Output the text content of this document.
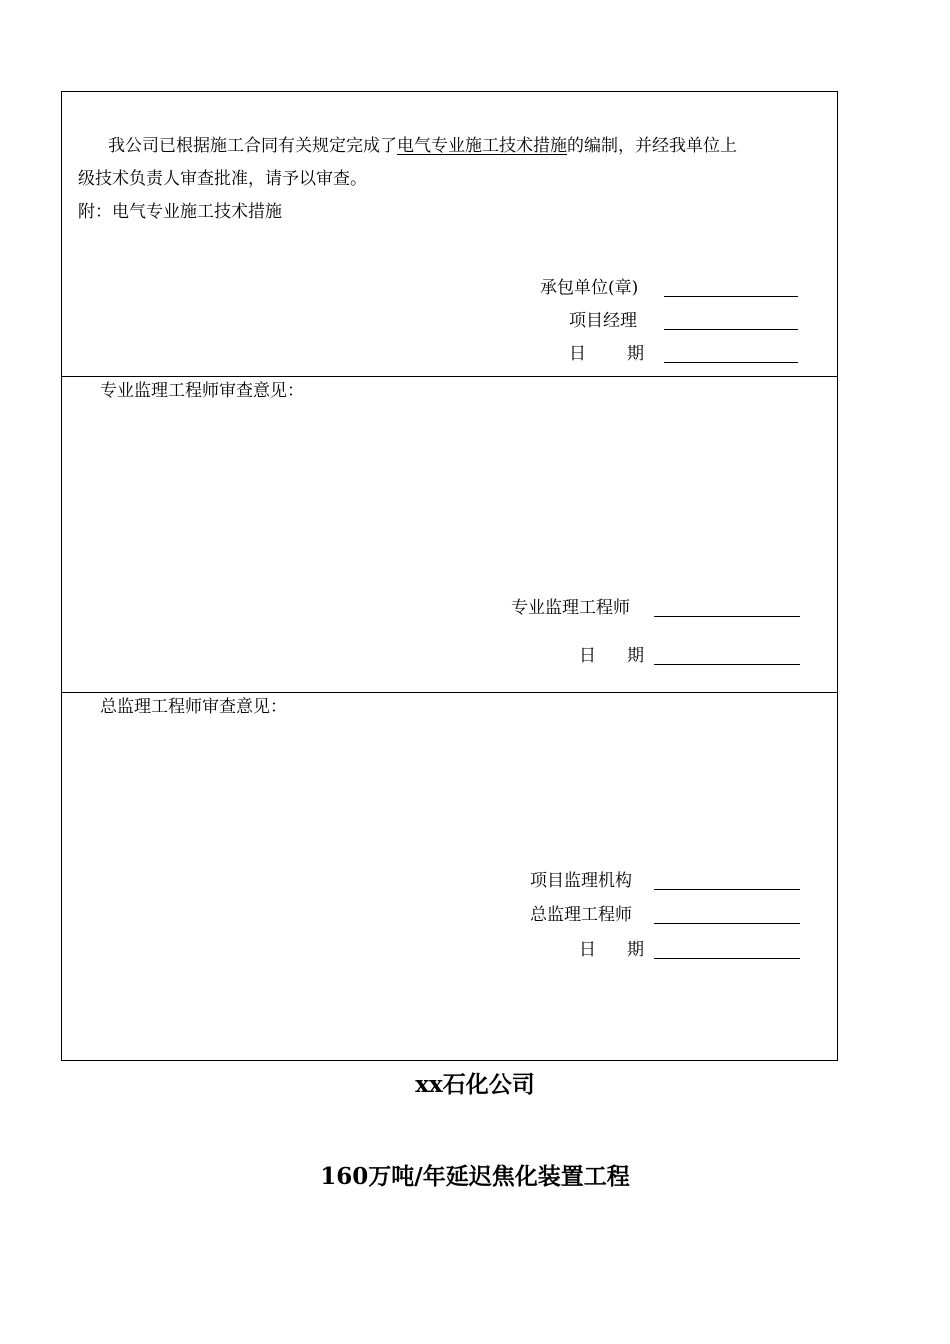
我公司已根据施工合同有关规定完成了电气专业施工技术措施的编制，并经我单位上
级技术负责人审查批准，请予以审查。
附：电气专业施工技术措施
承包单位(章)
项目经理
日 期
专业监理工程师审查意见：
专业监理工程师
日 期
总监理工程师审查意见：
项目监理机构
总监理工程师
日 期
xx石化公司
160万吨/年延迟焦化装置工程
